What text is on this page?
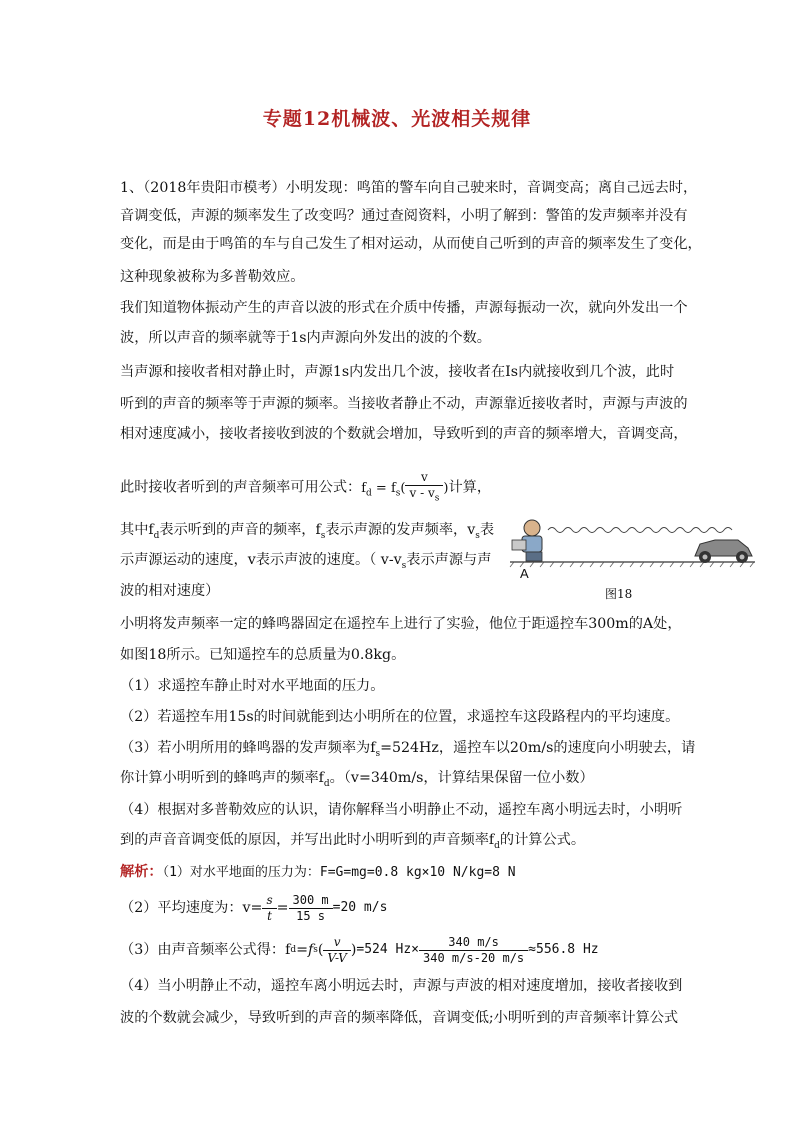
专题12机械波、光波相关规律
1、（2018年贵阳市模考）小明发现：鸣笛的警车向自己驶来时，音调变高；离自己远去时，
音调变低，声源的频率发生了改变吗？通过查阅资料，小明了解到：警笛的发声频率并没有
变化，而是由于鸣笛的车与自己发生了相对运动，从而使自己听到的声音的频率发生了变化，
这种现象被称为多普勒效应。
我们知道物体振动产生的声音以波的形式在介质中传播，声源每振动一次，就向外发出一个
波，所以声音的频率就等于1s内声源向外发出的波的个数。
当声源和接收者相对静止时，声源1s内发出几个波，接收者在Is内就接收到几个波，此时
听到的声音的频率等于声源的频率。当接收者静止不动，声源靠近接收者时，声源与声波的
相对速度减小，接收者接收到波的个数就会增加，导致听到的声音的频率增大，音调变高，
此时接收者听到的声音频率可用公式：$f_d = f_s( \frac{v}{v - v_s}$ )计算，
其中$f_d$表示听到的声音的频率，$f_s$表示声源的发声频率，$v_s$表
示声源运动的速度，v表示声波的速度。（ $v-v_s$表示声源与声
波的相对速度）
A
图18
小明将发声频率一定的蜂鸣器固定在遥控车上进行了实验，他位于距遥控车300m的A处，
如图18所示。已知遥控车的总质量为0.8kg。
（1）求遥控车静止时对水平地面的压力。
（2）若遥控车用15s的时间就能到达小明所在的位置，求遥控车这段路程内的平均速度。
（3）若小明所用的蜂鸣器的发声频率为$f_s=524Hz$，遥控车以20m/s的速度向小明驶去，请
你计算小明听到的蜂鸣声的频率$f_d$。（v=340m/s，计算结果保留一位小数）
（4）根据对多普勒效应的认识，请你解释当小明静止不动，遥控车离小明远去时，小明听
到的声音音调变低的原因，并写出此时小明听到的声音频率$f_d$的计算公式。
解析：（1）对水平地面的压力为：F=G=mg=0.8 kg×10 N/kg=8 N
（2）平均速度为：$v= \frac{s}{t} = \frac{300 m}{15 s} =20$ m/s
（3）由声音频率公式得：f d =f s ( $\frac{v}{V-V}$ ) =524 $Hz\times \frac{340 m/s}{340 m/s-20 m/s} \approx 556.8$ Hz
（4）当小明静止不动，遥控车离小明远去时，声源与声波的相对速度增加，接收者接收到
波的个数就会减少，导致听到的声音的频率降低，音调变低;小明听到的声音频率计算公式
